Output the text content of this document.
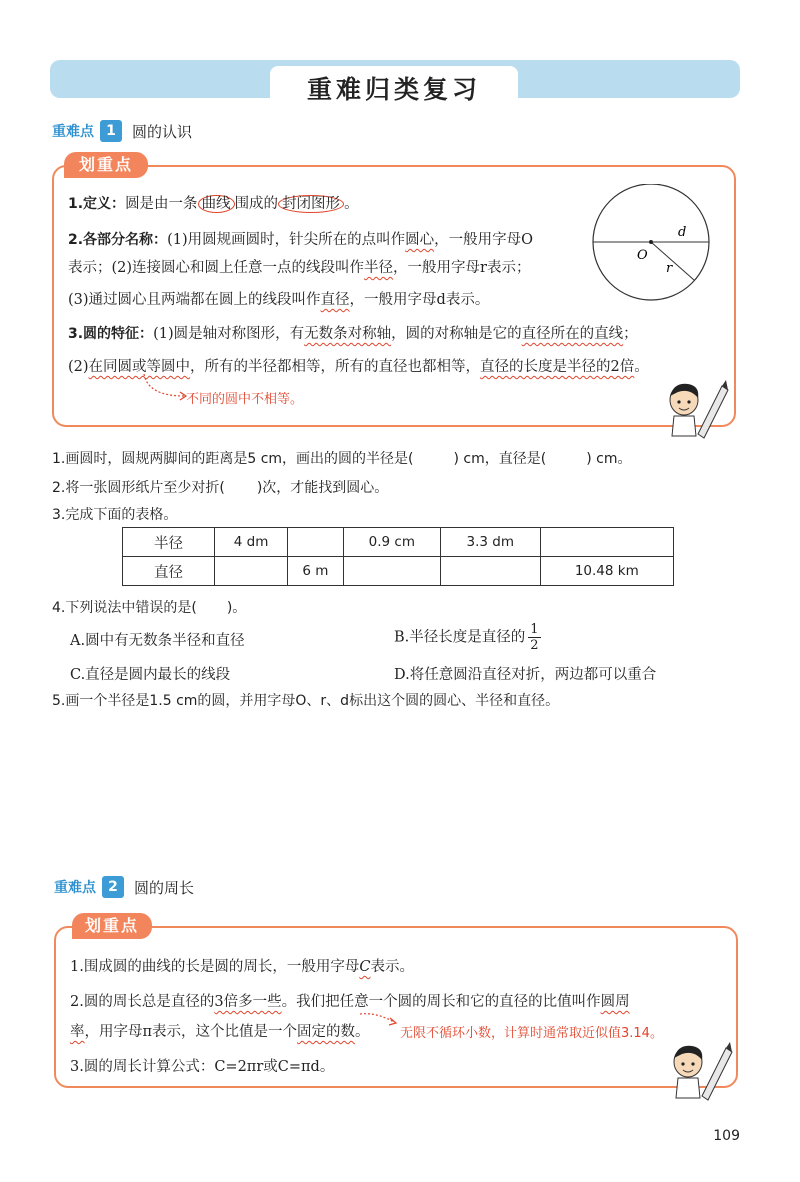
重难归类复习
重难点 1	圆的认识
划重点
1.定义：圆是由一条 曲线 围成的 封闭图形 。
2.各部分名称：(1)用圆规画圆时，针尖所在的点叫作圆心，一般用字母O
表示；(2)连接圆心和圆上任意一点的线段叫作半径，一般用字母r表示；
(3)通过圆心且两端都在圆上的线段叫作直径，一般用字母d表示。
3.圆的特征：(1)圆是轴对称图形，有无数条对称轴，圆的对称轴是它的直径所在的直线；
(2)在同圆或等圆中，所有的半径都相等，所有的直径也都相等，直径的长度是半径的2倍。
不同的圆中不相等。
d
O
r
1.画圆时，圆规两脚间的距离是5 cm，画出的圆的半径是(	) cm，直径是(	) cm。
2.将一张圆形纸片至少对折( )次，才能找到圆心。
3.完成下面的表格。
半径	4 dm		0.9 cm	3.3 dm	
直径		6 m			10.48 km
4.下列说法中错误的是( )。
A.圆中有无数条半径和直径	B.半径长度是直径的 $\frac{1}{2}$
C.直径是圆内最长的线段	D.将任意圆沿直径对折，两边都可以重合
5.画一个半径是1.5 cm的圆，并用字母O、r、d标出这个圆的圆心、半径和直径。
重难点 2	圆的周长
划重点
1.围成圆的曲线的长是圆的周长，一般用字母C表示。
2.圆的周长总是直径的3倍多一些。我们把任意一个圆的周长和它的直径的比值叫作圆周
率，用字母π表示，这个比值是一个固定的数。 无限不循环小数，计算时通常取近似值3.14。
3.圆的周长计算公式：C=2πr或C=πd。
109
